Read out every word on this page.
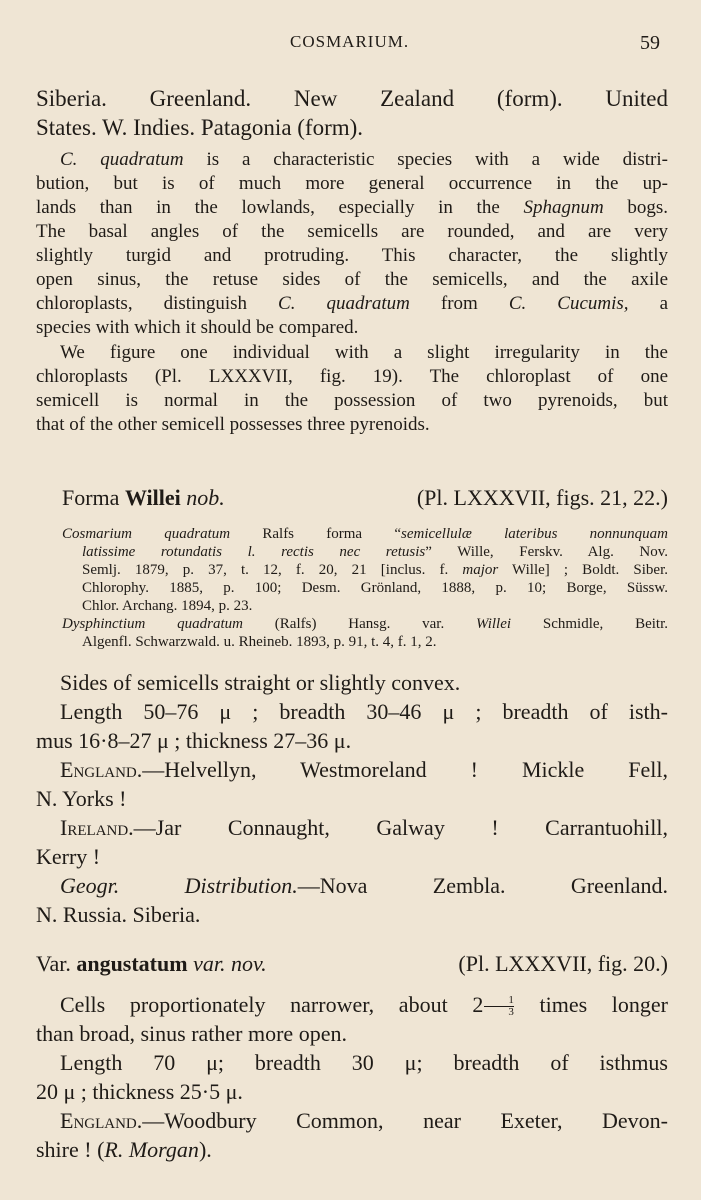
COSMARIUM.	59
Siberia. Greenland. New Zealand (form). United
States. W. Indies. Patagonia (form).
C. quadratum is a characteristic species with a wide distri-
bution, but is of much more general occurrence in the up-
lands than in the lowlands, especially in the Sphagnum bogs.
The basal angles of the semicells are rounded, and are very
slightly turgid and protruding. This character, the slightly
open sinus, the retuse sides of the semicells, and the axile
chloroplasts, distinguish C. quadratum from C. Cucumis, a
species with which it should be compared.
We figure one individual with a slight irregularity in the
chloroplasts (Pl. LXXXVII, fig. 19). The chloroplast of one
semicell is normal in the possession of two pyrenoids, but
that of the other semicell possesses three pyrenoids.
Forma Willei nob.	(Pl. LXXXVII, figs. 21, 22.)
Cosmarium quadratum Ralfs forma “semicellulæ lateribus nonnunquam
latissime rotundatis l. rectis nec retusis” Wille, Ferskv. Alg. Nov.
Semlj. 1879, p. 37, t. 12, f. 20, 21 [inclus. f. major Wille] ; Boldt. Siber.
Chlorophy. 1885, p. 100; Desm. Grönland, 1888, p. 10; Borge, Süssw.
Chlor. Archang. 1894, p. 23.
Dysphinctium quadratum (Ralfs) Hansg. var. Willei Schmidle, Beitr.
Algenfl. Schwarzwald. u. Rheineb. 1893, p. 91, t. 4, f. 1, 2.
Sides of semicells straight or slightly convex.
Length 50–76 μ ; breadth 30–46 μ ; breadth of isth-
mus 16·8–27 μ ; thickness 27–36 μ.
England.—Helvellyn, Westmoreland ! Mickle Fell,
N. Yorks !
Ireland.—Jar Connaught, Galway ! Carrantuohill,
Kerry !
Geogr. Distribution.—Nova Zembla. Greenland.
N. Russia. Siberia.
Var. angustatum var. nov.	(Pl. LXXXVII, fig. 20.)
Cells proportionately narrower, about $2 \frac{1}{3}$ times longer
than broad, sinus rather more open.
Length 70 μ; breadth 30 μ; breadth of isthmus
20 μ ; thickness 25·5 μ.
England.—Woodbury Common, near Exeter, Devon-
shire ! (R. Morgan).
